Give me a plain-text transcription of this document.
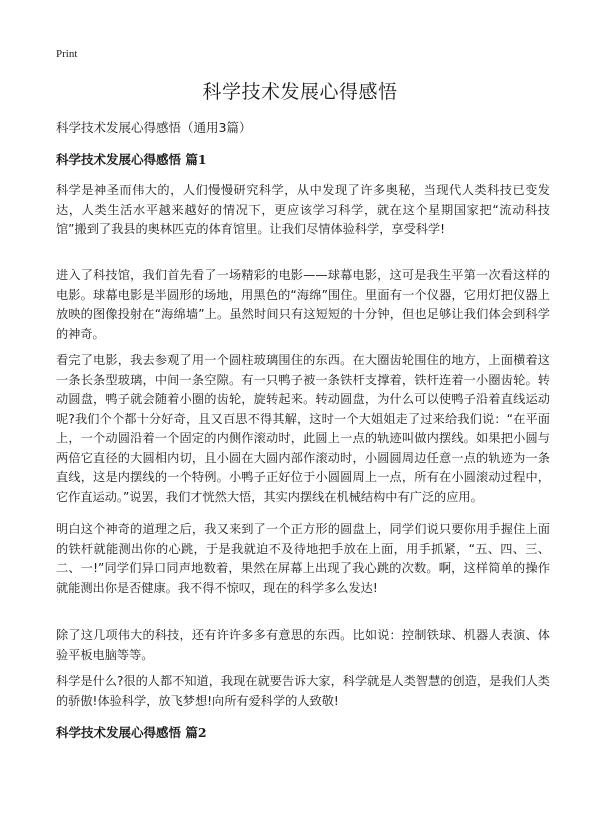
Print
科学技术发展心得感悟

科学技术发展心得感悟（通用3篇）

科学技术发展心得感悟 篇1

科学是神圣而伟大的，人们慢慢研究科学，从中发现了许多奥秘，当现代人类科技已变发达，人类生活水平越来越好的情况下，更应该学习科学，就在这个星期国家把“流动科技馆”搬到了我县的奥林匹克的体育馆里。让我们尽情体验科学，享受科学!

进入了科技馆，我们首先看了一场精彩的电影——球幕电影，这可是我生平第一次看这样的电影。球幕电影是半圆形的场地，用黑色的“海绵”围住。里面有一个仪器，它用灯把仪器上放映的图像投射在“海绵墙”上。虽然时间只有这短短的十分钟，但也足够让我们体会到科学的神奇。

看完了电影，我去参观了用一个圆柱玻璃围住的东西。在大圈齿轮围住的地方，上面横着这一条长条型玻璃，中间一条空隙。有一只鸭子被一条铁杆支撑着，铁杆连着一小圈齿轮。转动圆盘，鸭子就会随着小圈的齿轮，旋转起来。转动圆盘，为什么可以使鸭子沿着直线运动呢?我们个个都十分好奇，且又百思不得其解，这时一个大姐姐走了过来给我们说：“在平面上，一个动圆沿着一个固定的内侧作滚动时，此圆上一点的轨迹叫做内摆线。如果把小圆与两倍它直径的大圆相内切，且小圆在大圆内部作滚动时，小圆圆周边任意一点的轨迹为一条直线，这是内摆线的一个特例。小鸭子正好位于小圆圆周上一点，所有在小圆滚动过程中，它作直运动。”说罢，我们才恍然大悟，其实内摆线在机械结构中有广泛的应用。

明白这个神奇的道理之后，我又来到了一个正方形的圆盘上，同学们说只要你用手握住上面的铁杆就能测出你的心跳，于是我就迫不及待地把手放在上面，用手抓紧，“五、四、三、二、一!”同学们异口同声地数着，果然在屏幕上出现了我心跳的次数。啊，这样简单的操作就能测出你是否健康。我不得不惊叹，现在的科学多么发达!

除了这几项伟大的科技，还有许许多多有意思的东西。比如说：控制铁球、机器人表演、体验平板电脑等等。

科学是什么?很的人都不知道，我现在就要告诉大家，科学就是人类智慧的创造，是我们人类的骄傲!体验科学，放飞梦想!向所有爱科学的人致敬!

科学技术发展心得感悟 篇2
